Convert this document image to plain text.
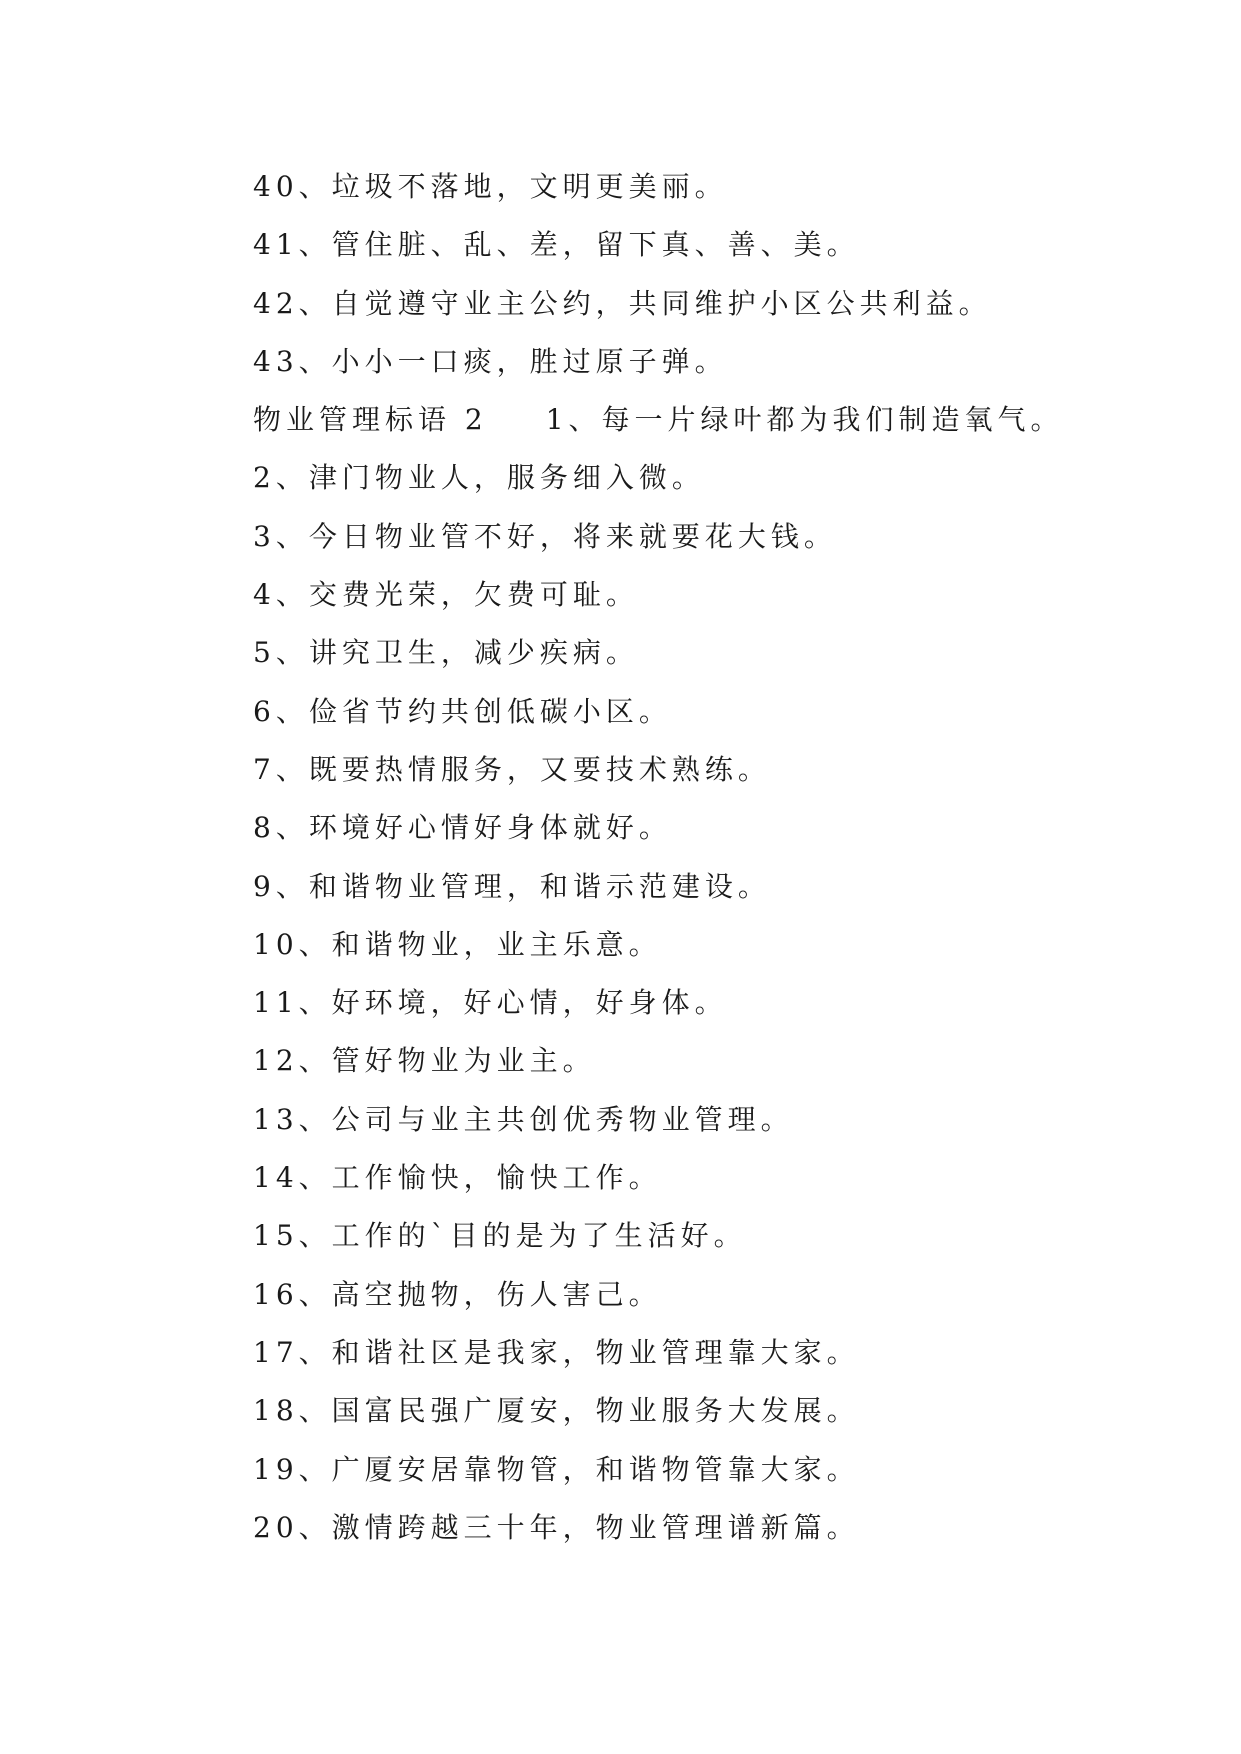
40、垃圾不落地，文明更美丽。
41、管住脏、乱、差，留下真、善、美。
42、自觉遵守业主公约，共同维护小区公共利益。
43、小小一口痰，胜过原子弹。
物业管理标语 2 1、每一片绿叶都为我们制造氧气。
2、津门物业人，服务细入微。
3、今日物业管不好，将来就要花大钱。
4、交费光荣，欠费可耻。
5、讲究卫生，减少疾病。
6、俭省节约共创低碳小区。
7、既要热情服务，又要技术熟练。
8、环境好心情好身体就好。
9、和谐物业管理，和谐示范建设。
10、和谐物业，业主乐意。
11、好环境，好心情，好身体。
12、管好物业为业主。
13、公司与业主共创优秀物业管理。
14、工作愉快，愉快工作。
15、工作的`目的是为了生活好。
16、高空抛物，伤人害己。
17、和谐社区是我家，物业管理靠大家。
18、国富民强广厦安，物业服务大发展。
19、广厦安居靠物管，和谐物管靠大家。
20、激情跨越三十年，物业管理谱新篇。
